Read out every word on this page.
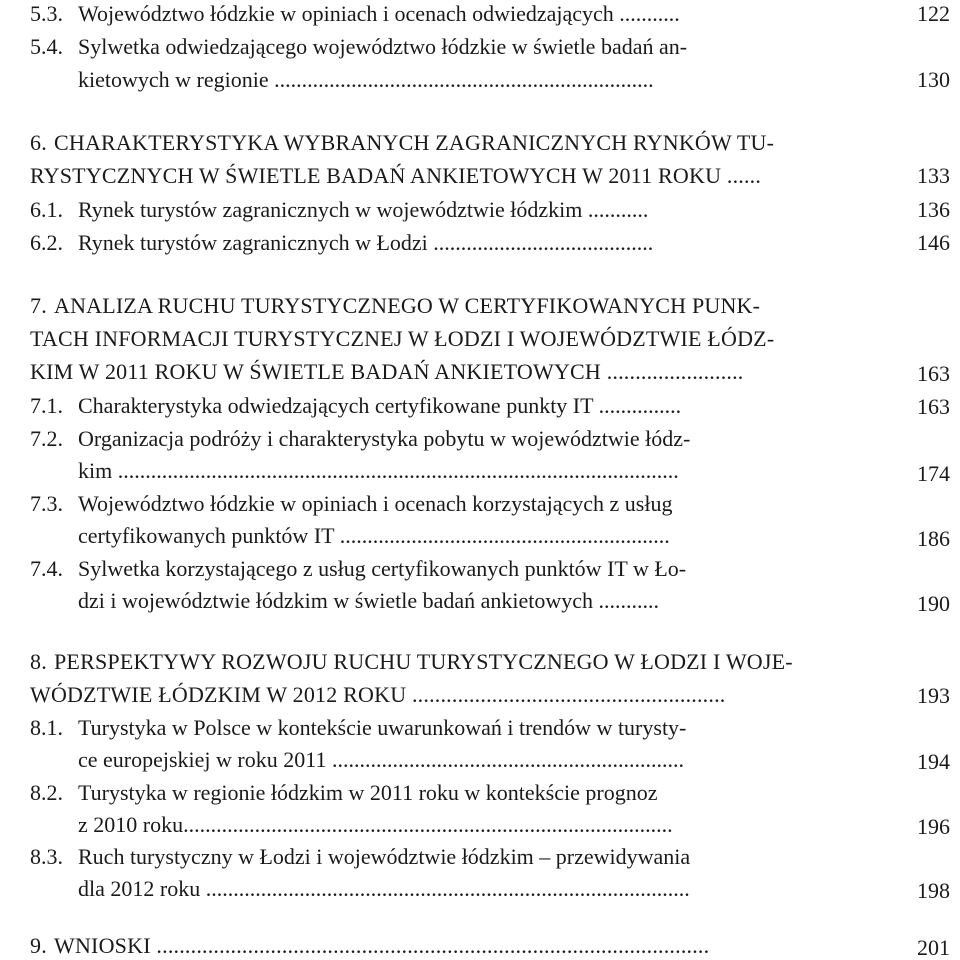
5.3. Województwo łódzkie w opiniach i ocenach odwiedzających ...........	122
5.4. Sylwetka odwiedzającego województwo łódzkie w świetle badań an-
kietowych w regionie .....................................................................	130
6. CHARAKTERYSTYKA WYBRANYCH ZAGRANICZNYCH RYNKÓW TU-
RYSTYCZNYCH W ŚWIETLE BADAŃ ANKIETOWYCH W 2011 ROKU ......	133
6.1. Rynek turystów zagranicznych w województwie łódzkim ...........	136
6.2. Rynek turystów zagranicznych w Łodzi ........................................	146
7. ANALIZA RUCHU TURYSTYCZNEGO W CERTYFIKOWANYCH PUNK-
TACH INFORMACJI TURYSTYCZNEJ W ŁODZI I WOJEWÓDZTWIE ŁÓDZ-
KIM W 2011 ROKU W ŚWIETLE BADAŃ ANKIETOWYCH ........................	163
7.1. Charakterystyka odwiedzających certyfikowane punkty IT ...............	163
7.2. Organizacja podróży i charakterystyka pobytu w województwie łódz-
kim ......................................................................................................	174
7.3. Województwo łódzkie w opiniach i ocenach korzystających z usług
certyfikowanych punktów IT ............................................................	186
7.4. Sylwetka korzystającego z usług certyfikowanych punktów IT w Ło-
dzi i województwie łódzkim w świetle badań ankietowych ...........	190
8. PERSPEKTYWY ROZWOJU RUCHU TURYSTYCZNEGO W ŁODZI I WOJE-
WÓDZTWIE ŁÓDZKIM W 2012 ROKU .......................................................	193
8.1. Turystyka w Polsce w kontekście uwarunkowań i trendów w turysty-
ce europejskiej w roku 2011 ................................................................	194
8.2. Turystyka w regionie łódzkim w 2011 roku w kontekście prognoz
z 2010 roku.........................................................................................	196
8.3. Ruch turystyczny w Łodzi i województwie łódzkim – przewidywania
dla 2012 roku ........................................................................................	198
9. WNIOSKI .................................................................................................	201
